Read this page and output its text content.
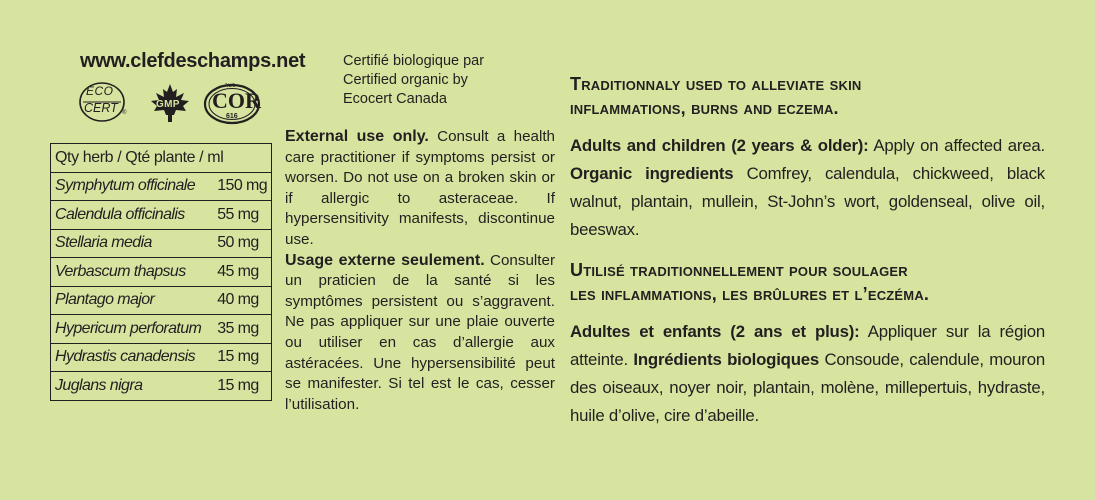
www.clefdeschamps.net	Certifié biologique par
Certified organic by
Ecocert Canada
ECO
CERT ®
GMP
כשר
COR
616
Qty herb / Qté plante / ml	
Symphytum officinale	150 mg
Calendula officinalis	55 mg
Stellaria media	50 mg
Verbascum thapsus	45 mg
Plantago major	40 mg
Hypericum perforatum	35 mg
Hydrastis canadensis	15 mg
Juglans nigra	15 mg

External use only. Consult a health care practitioner if symptoms persist or worsen. Do not use on a broken skin or if allergic to asteraceae. If hypersensitivity manifests, discontinue use.

Usage externe seulement. Consulter un praticien de la santé si les symptômes persistent ou s’aggravent. Ne pas appliquer sur une plaie ouverte ou utiliser en cas d’allergie aux astéracées. Une hypersensibilité peut se manifester. Si tel est le cas, cesser l’utilisation.

Traditionnaly used to alleviate skin
inflammations, burns and eczema.

Adults and children (2 years & older): Apply on affected area. Organic ingredients Comfrey, calendula, chickweed, black walnut, plantain, mullein, St-John’s wort, goldenseal, olive oil, beeswax.

Utilisé traditionnellement pour soulager
les inflammations, les brûlures et l’eczéma.

Adultes et enfants (2 ans et plus): Appliquer sur la région atteinte. Ingrédients biologiques Consoude, calendule, mouron des oiseaux, noyer noir, plantain, molène, millepertuis, hydraste, huile d’olive, cire d’abeille.
